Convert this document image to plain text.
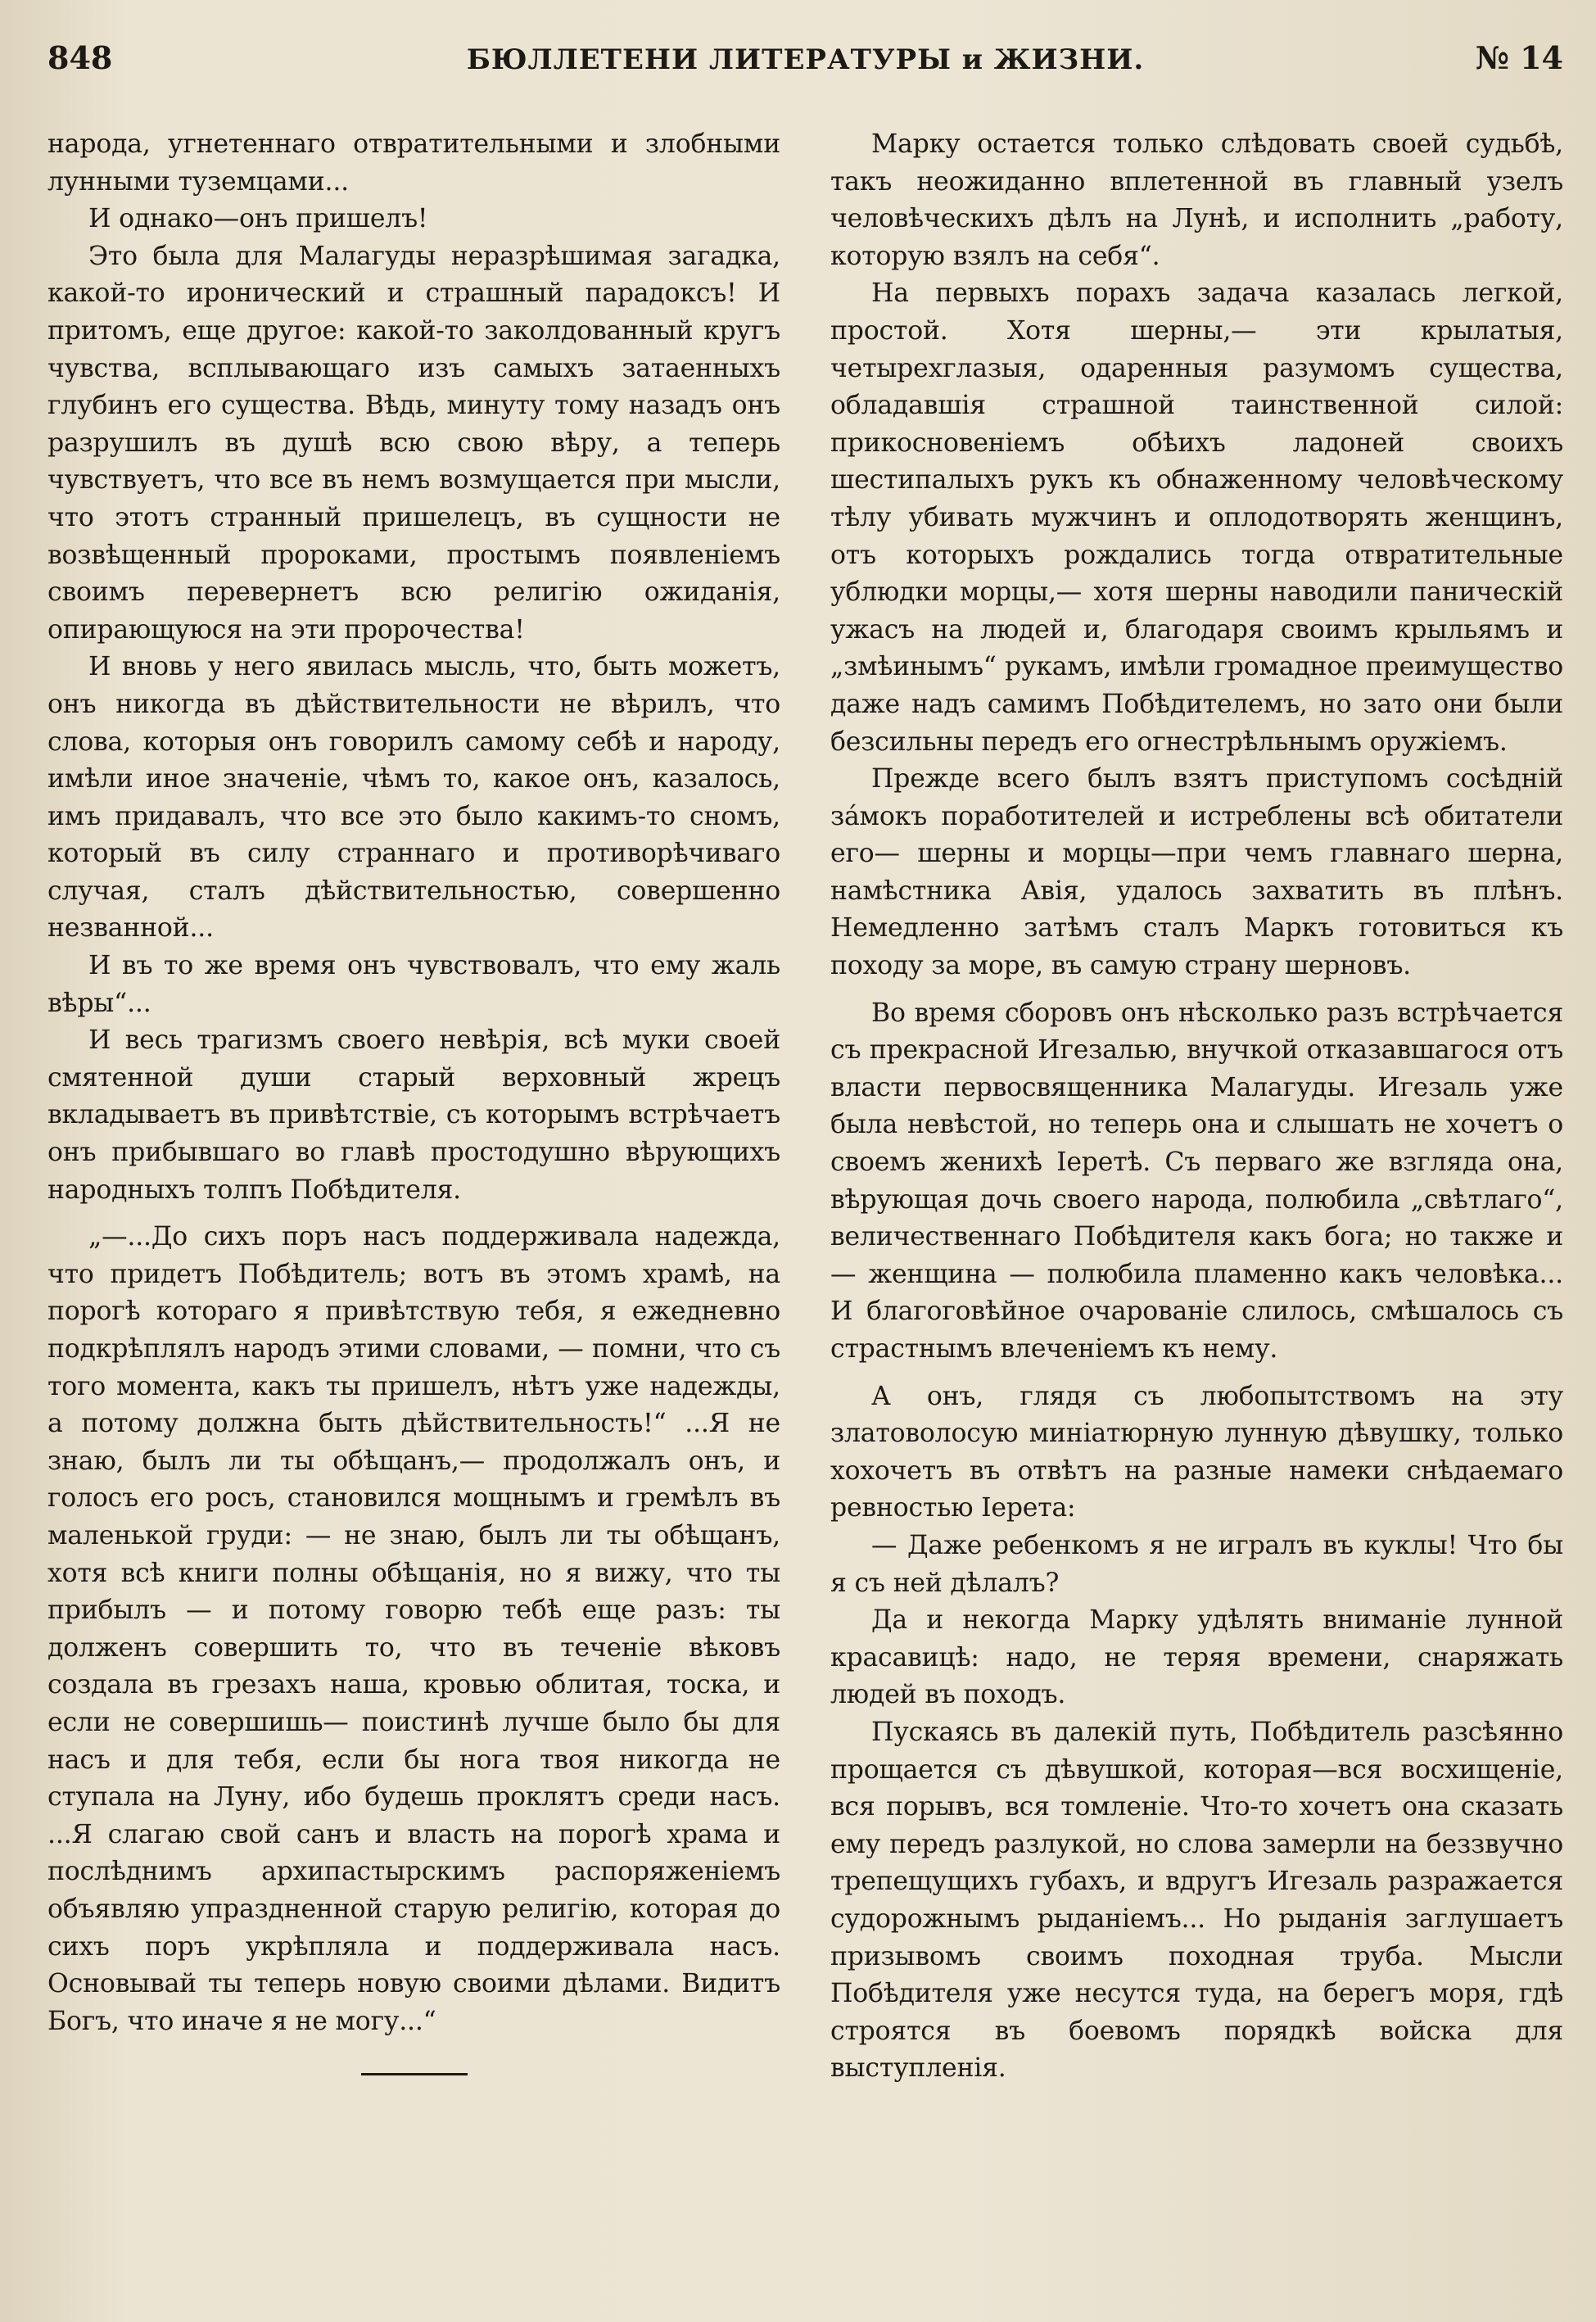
848	БЮЛЛЕТЕНИ ЛИТЕРАТУРЫ и ЖИЗНИ.	№ 14

народа, угнетеннаго отвратительными и злобными лунными туземцами...

И однако—онъ пришелъ!

Это была для Малагуды неразрѣшимая загадка, какой-то иронический и страшный парадоксъ! И притомъ, еще другое: какой-то заколдованный кругъ чувства, всплывающаго изъ самыхъ затаенныхъ глубинъ его существа. Вѣдь, минуту тому назадъ онъ разрушилъ въ душѣ всю свою вѣру, а теперь чувствуетъ, что все въ немъ возмущается при мысли, что этотъ странный пришелецъ, въ сущности не возвѣщенный пророками, простымъ появленіемъ своимъ перевернетъ всю религію ожиданія, опирающуюся на эти пророчества!

И вновь у него явилась мысль, что, быть можетъ, онъ никогда въ дѣйствительности не вѣрилъ, что слова, которыя онъ говорилъ самому себѣ и народу, имѣли иное значеніе, чѣмъ то, какое онъ, казалось, имъ придавалъ, что все это было какимъ-то сномъ, который въ силу страннаго и противорѣчиваго случая, сталъ дѣйствительностью, совершенно незванной...

И въ то же время онъ чувствовалъ, что ему жаль вѣры“...

И весь трагизмъ своего невѣрія, всѣ муки своей смятенной души старый верховный жрецъ вкладываетъ въ привѣтствіе, съ которымъ встрѣчаетъ онъ прибывшаго во главѣ простодушно вѣрующихъ народныхъ толпъ Побѣдителя.

„—...До сихъ поръ насъ поддерживала надежда, что придетъ Побѣдитель; вотъ въ этомъ храмѣ, на порогѣ котораго я привѣтствую тебя, я ежедневно подкрѣплялъ народъ этими словами, — помни, что съ того момента, какъ ты пришелъ, нѣтъ уже надежды, а потому должна быть дѣйствительность!“ ...Я не знаю, былъ ли ты обѣщанъ,— продолжалъ онъ, и голосъ его росъ, становился мощнымъ и гремѣлъ въ маленькой груди: — не знаю, былъ ли ты обѣщанъ, хотя всѣ книги полны обѣщанія, но я вижу, что ты прибылъ — и потому говорю тебѣ еще разъ: ты долженъ совершить то, что въ теченіе вѣковъ создала въ грезахъ наша, кровью облитая, тоска, и если не совершишь— поистинѣ лучше было бы для насъ и для тебя, если бы нога твоя никогда не ступала на Луну, ибо будешь проклятъ среди насъ. ...Я слагаю свой санъ и власть на порогѣ храма и послѣднимъ архипастырскимъ распоряженіемъ объявляю упраздненной старую религію, которая до сихъ поръ укрѣпляла и поддерживала насъ. Основывай ты теперь новую своими дѣлами. Видитъ Богъ, что иначе я не могу...“

Марку остается только слѣдовать своей судьбѣ, такъ неожиданно вплетенной въ главный узелъ человѣческихъ дѣлъ на Лунѣ, и исполнить „работу, которую взялъ на себя“.

На первыхъ порахъ задача казалась легкой, простой. Хотя шерны,— эти крылатыя, четырехглазыя, одаренныя разумомъ существа, обладавшія страшной таинственной силой: прикосновеніемъ обѣихъ ладоней своихъ шестипалыхъ рукъ къ обнаженному человѣческому тѣлу убивать мужчинъ и оплодотворять женщинъ, отъ которыхъ рождались тогда отвратительные ублюдки морцы,— хотя шерны наводили паническій ужасъ на людей и, благодаря своимъ крыльямъ и „змѣинымъ“ рукамъ, имѣли громадное преимущество даже надъ самимъ Побѣдителемъ, но зато они были безсильны передъ его огнестрѣльнымъ оружіемъ.

Прежде всего былъ взятъ приступомъ сосѣдній за́мокъ поработителей и истреблены всѣ обитатели его— шерны и морцы—при чемъ главнаго шерна, намѣстника Авія, удалось захватить въ плѣнъ. Немедленно затѣмъ сталъ Маркъ готовиться къ походу за море, въ самую страну шерновъ.

Во время сборовъ онъ нѣсколько разъ встрѣчается съ прекрасной Игезалью, внучкой отказавшагося отъ власти первосвященника Малагуды. Игезаль уже была невѣстой, но теперь она и слышать не хочетъ о своемъ женихѣ Іеретѣ. Съ перваго же взгляда она, вѣрующая дочь своего народа, полюбила „свѣтлаго“, величественнаго Побѣдителя какъ бога; но также и — женщина — полюбила пламенно какъ человѣка... И благоговѣйное очарованіе слилось, смѣшалось съ страстнымъ влеченіемъ къ нему.

А онъ, глядя съ любопытствомъ на эту златоволосую миніатюрную лунную дѣвушку, только хохочетъ въ отвѣтъ на разные намеки снѣдаемаго ревностью Іерета:

— Даже ребенкомъ я не игралъ въ куклы! Что бы я съ ней дѣлалъ?

Да и некогда Марку удѣлять вниманіе лунной красавицѣ: надо, не теряя времени, снаряжать людей въ походъ.

Пускаясь въ далекій путь, Побѣдитель разсѣянно прощается съ дѣвушкой, которая—вся восхищеніе, вся порывъ, вся томленіе. Что-то хочетъ она сказать ему передъ разлукой, но слова замерли на беззвучно трепещущихъ губахъ, и вдругъ Игезаль разражается судорожнымъ рыданіемъ... Но рыданія заглушаетъ призывомъ своимъ походная труба. Мысли Побѣдителя уже несутся туда, на берегъ моря, гдѣ строятся въ боевомъ порядкѣ войска для выступленія.
